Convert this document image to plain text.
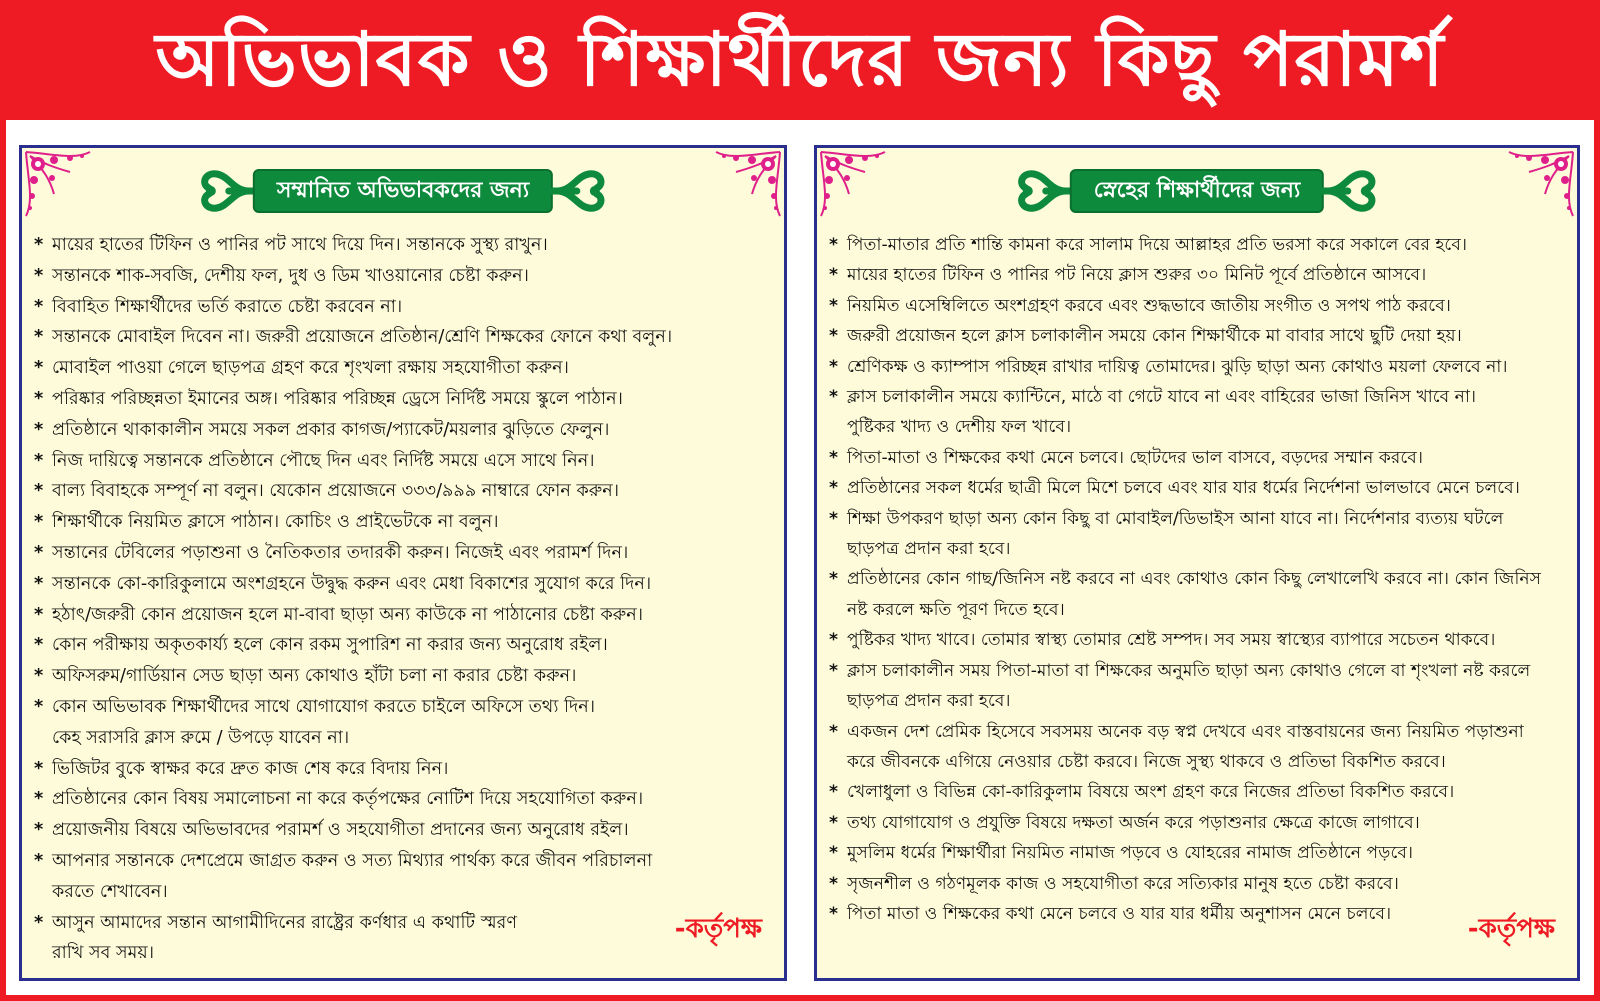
অভিভাবক ও শিক্ষার্থীদের জন্য কিছু পরামর্শ
সম্মানিত অভিভাবকদের জন্য
* মায়ের হাতের টিফিন ও পানির পট সাথে দিয়ে দিন। সন্তানকে সুস্থ্য রাখুন।
* সন্তানকে শাক-সবজি, দেশীয় ফল, দুধ ও ডিম খাওয়ানোর চেষ্টা করুন।
* বিবাহিত শিক্ষার্থীদের ভর্তি করাতে চেষ্টা করবেন না।
* সন্তানকে মোবাইল দিবেন না। জরুরী প্রয়োজনে প্রতিষ্ঠান/শ্রেণি শিক্ষকের ফোনে কথা বলুন।
* মোবাইল পাওয়া গেলে ছাড়পত্র গ্রহণ করে শৃংখলা রক্ষায় সহযোগীতা করুন।
* পরিষ্কার পরিচ্ছন্নতা ইমানের অঙ্গ। পরিষ্কার পরিচ্ছন্ন ড্রেসে নির্দিষ্ট সময়ে স্কুলে পাঠান।
* প্রতিষ্ঠানে থাকাকালীন সময়ে সকল প্রকার কাগজ/প্যাকেট/ময়লার ঝুড়িতে ফেলুন।
* নিজ দায়িত্বে সন্তানকে প্রতিষ্ঠানে পৌছে দিন এবং নির্দিষ্ট সময়ে এসে সাথে নিন।
* বাল্য বিবাহকে সম্পূর্ণ না বলুন। যেকোন প্রয়োজনে ৩৩৩/৯৯৯ নাম্বারে ফোন করুন।
* শিক্ষার্থীকে নিয়মিত ক্লাসে পাঠান। কোচিং ও প্রাইভেটকে না বলুন।
* সন্তানের টেবিলের পড়াশুনা ও নৈতিকতার তদারকী করুন। নিজেই এবং পরামর্শ দিন।
* সন্তানকে কো-কারিকুলামে অংশগ্রহনে উদ্বুদ্ধ করুন এবং মেধা বিকাশের সুযোগ করে দিন।
* হঠাৎ/জরুরী কোন প্রয়োজন হলে মা-বাবা ছাড়া অন্য কাউকে না পাঠানোর চেষ্টা করুন।
* কোন পরীক্ষায় অকৃতকার্য্য হলে কোন রকম সুপারিশ না করার জন্য অনুরোধ রইল।
* অফিসরুম/গার্ডিয়ান সেড ছাড়া অন্য কোথাও হাঁটা চলা না করার চেষ্টা করুন।
* কোন অভিভাবক শিক্ষার্থীদের সাথে যোগাযোগ করতে চাইলে অফিসে তথ্য দিন।
কেহ সরাসরি ক্লাস রুমে / উপড়ে যাবেন না।
* ভিজিটর বুকে স্বাক্ষর করে দ্রুত কাজ শেষ করে বিদায় নিন।
* প্রতিষ্ঠানের কোন বিষয় সমালোচনা না করে কর্তৃপক্ষের নোটিশ দিয়ে সহযোগিতা করুন।
* প্রয়োজনীয় বিষয়ে অভিভাবদের পরামর্শ ও সহযোগীতা প্রদানের জন্য অনুরোধ রইল।
* আপনার সন্তানকে দেশপ্রেমে জাগ্রত করুন ও সত্য মিথ্যার পার্থক্য করে জীবন পরিচালনা
করতে শেখাবেন।
* আসুন আমাদের সন্তান আগামীদিনের রাষ্ট্রের কর্ণধার এ কথাটি স্মরণ
রাখি সব সময়।
-কর্তৃপক্ষ
স্নেহের শিক্ষার্থীদের জন্য
* পিতা-মাতার প্রতি শান্তি কামনা করে সালাম দিয়ে আল্লাহর প্রতি ভরসা করে সকালে বের হবে।
* মায়ের হাতের টিফিন ও পানির পট নিয়ে ক্লাস শুরুর ৩০ মিনিট পূর্বে প্রতিষ্ঠানে আসবে।
* নিয়মিত এসেম্বিলিতে অংশগ্রহণ করবে এবং শুদ্ধভাবে জাতীয় সংগীত ও সপথ পাঠ করবে।
* জরুরী প্রয়োজন হলে ক্লাস চলাকালীন সময়ে কোন শিক্ষার্থীকে মা বাবার সাথে ছুটি দেয়া হয়।
* শ্রেণিকক্ষ ও ক্যাম্পাস পরিচ্ছন্ন রাখার দায়িত্ব তোমাদের। ঝুড়ি ছাড়া অন্য কোথাও ময়লা ফেলবে না।
* ক্লাস চলাকালীন সময়ে ক্যান্টিনে, মাঠে বা গেটে যাবে না এবং বাহিরের ভাজা জিনিস খাবে না।
পুষ্টিকর খাদ্য ও দেশীয় ফল খাবে।
* পিতা-মাতা ও শিক্ষকের কথা মেনে চলবে। ছোটদের ভাল বাসবে, বড়দের সম্মান করবে।
* প্রতিষ্ঠানের সকল ধর্মের ছাত্রী মিলে মিশে চলবে এবং যার যার ধর্মের নির্দেশনা ভালভাবে মেনে চলবে।
* শিক্ষা উপকরণ ছাড়া অন্য কোন কিছু বা মোবাইল/ডিভাইস আনা যাবে না। নির্দেশনার ব্যত্যয় ঘটলে
ছাড়পত্র প্রদান করা হবে।
* প্রতিষ্ঠানের কোন গাছ/জিনিস নষ্ট করবে না এবং কোথাও কোন কিছু লেখালেখি করবে না। কোন জিনিস
নষ্ট করলে ক্ষতি পূরণ দিতে হবে।
* পুষ্টিকর খাদ্য খাবে। তোমার স্বাস্থ্য তোমার শ্রেষ্ট সম্পদ। সব সময় স্বাস্থ্যের ব্যাপারে সচেতন থাকবে।
* ক্লাস চলাকালীন সময় পিতা-মাতা বা শিক্ষকের অনুমতি ছাড়া অন্য কোথাও গেলে বা শৃংখলা নষ্ট করলে
ছাড়পত্র প্রদান করা হবে।
* একজন দেশ প্রেমিক হিসেবে সবসময় অনেক বড় স্বপ্ন দেখবে এবং বাস্তবায়নের জন্য নিয়মিত পড়াশুনা
করে জীবনকে এগিয়ে নেওয়ার চেষ্টা করবে। নিজে সুস্থ্য থাকবে ও প্রতিভা বিকশিত করবে।
* খেলাধুলা ও বিভিন্ন কো-কারিকুলাম বিষয়ে অংশ গ্রহণ করে নিজের প্রতিভা বিকশিত করবে।
* তথ্য যোগাযোগ ও প্রযুক্তি বিষয়ে দক্ষতা অর্জন করে পড়াশুনার ক্ষেত্রে কাজে লাগাবে।
* মুসলিম ধর্মের শিক্ষার্থীরা নিয়মিত নামাজ পড়বে ও যোহরের নামাজ প্রতিষ্ঠানে পড়বে।
* সৃজনশীল ও গঠণমূলক কাজ ও সহযোগীতা করে সত্যিকার মানুষ হতে চেষ্টা করবে।
* পিতা মাতা ও শিক্ষকের কথা মেনে চলবে ও যার যার ধর্মীয় অনুশাসন মেনে চলবে।
-কর্তৃপক্ষ
